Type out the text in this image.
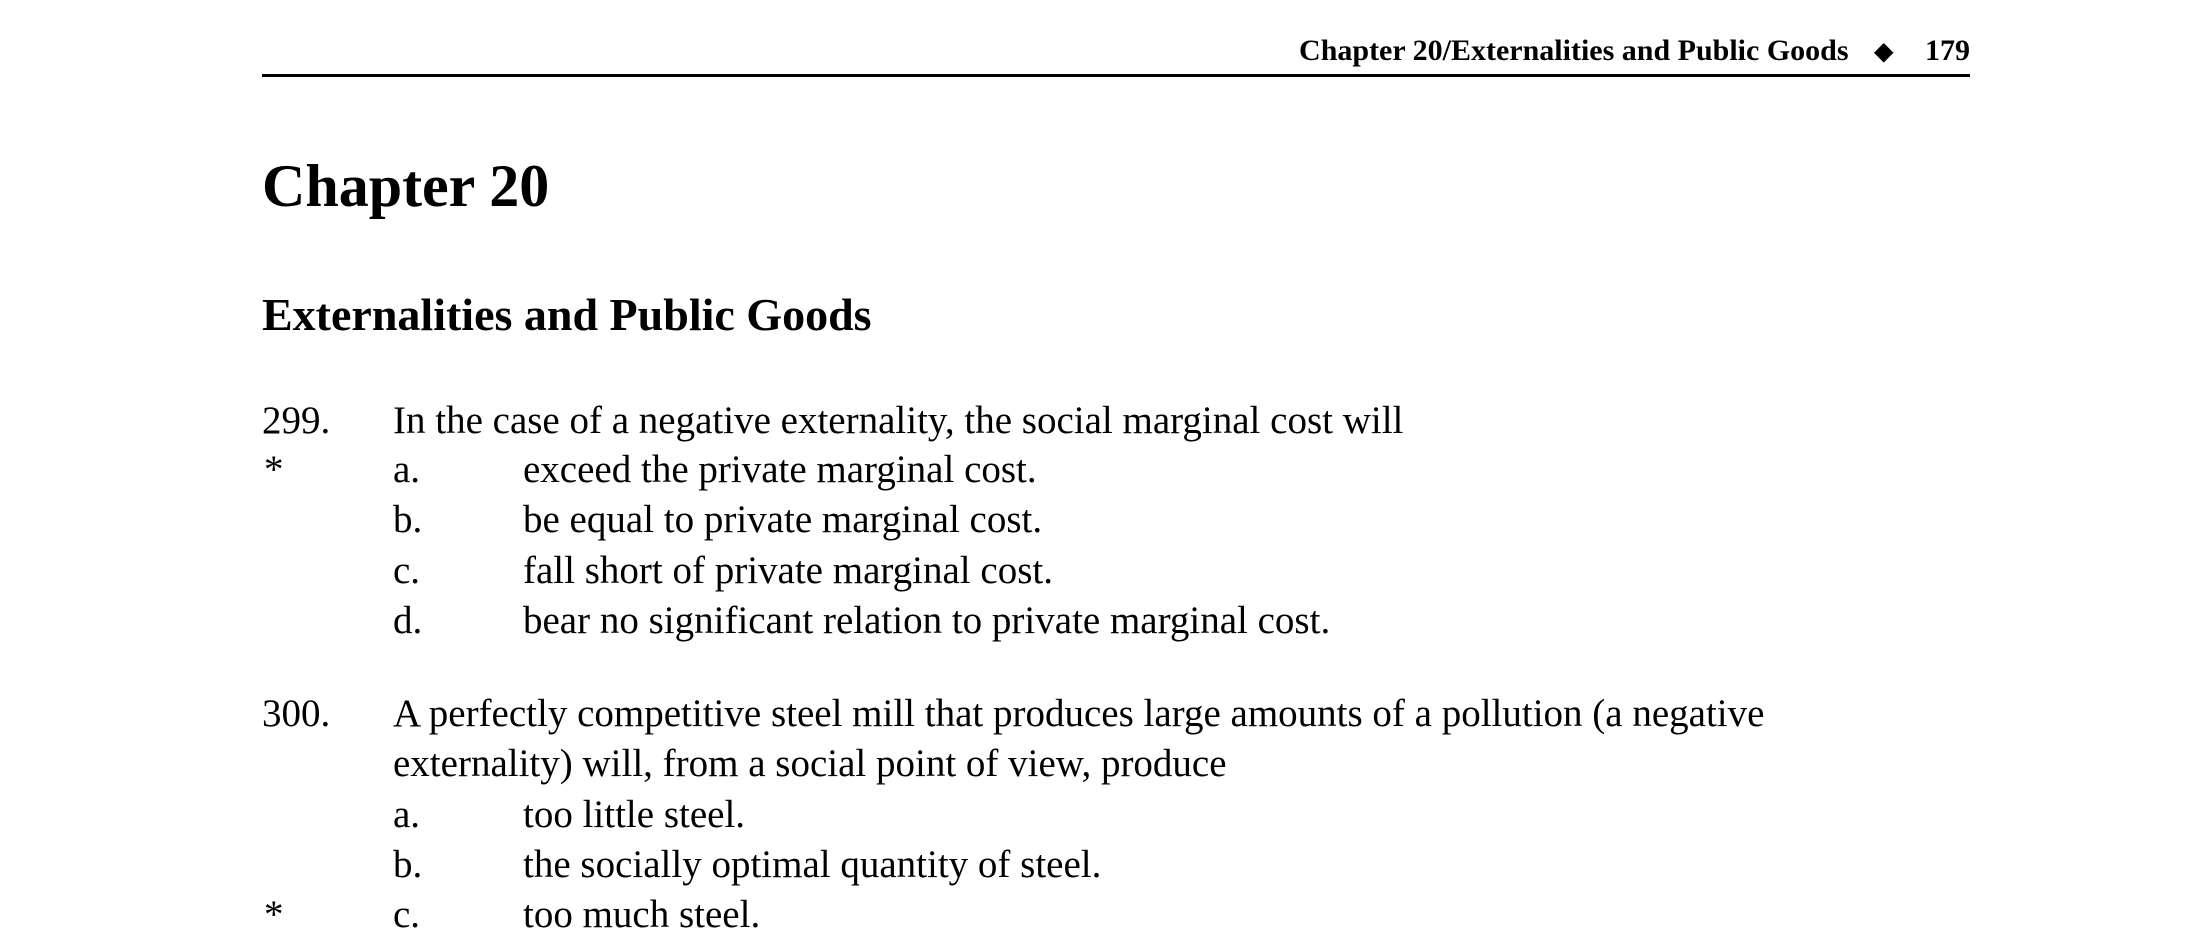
Chapter 20/Externalities and Public Goods ◆ 179
Chapter 20
Externalities and Public Goods
299. In the case of a negative externality, the social marginal cost will
*	a.	exceed the private marginal cost.
b.	be equal to private marginal cost.
c.	fall short of private marginal cost.
d.	bear no significant relation to private marginal cost.
300. A perfectly competitive steel mill that produces large amounts of a pollution (a negative
externality) will, from a social point of view, produce
a.	too little steel.
b.	the socially optimal quantity of steel.
*	c.	too much steel.
